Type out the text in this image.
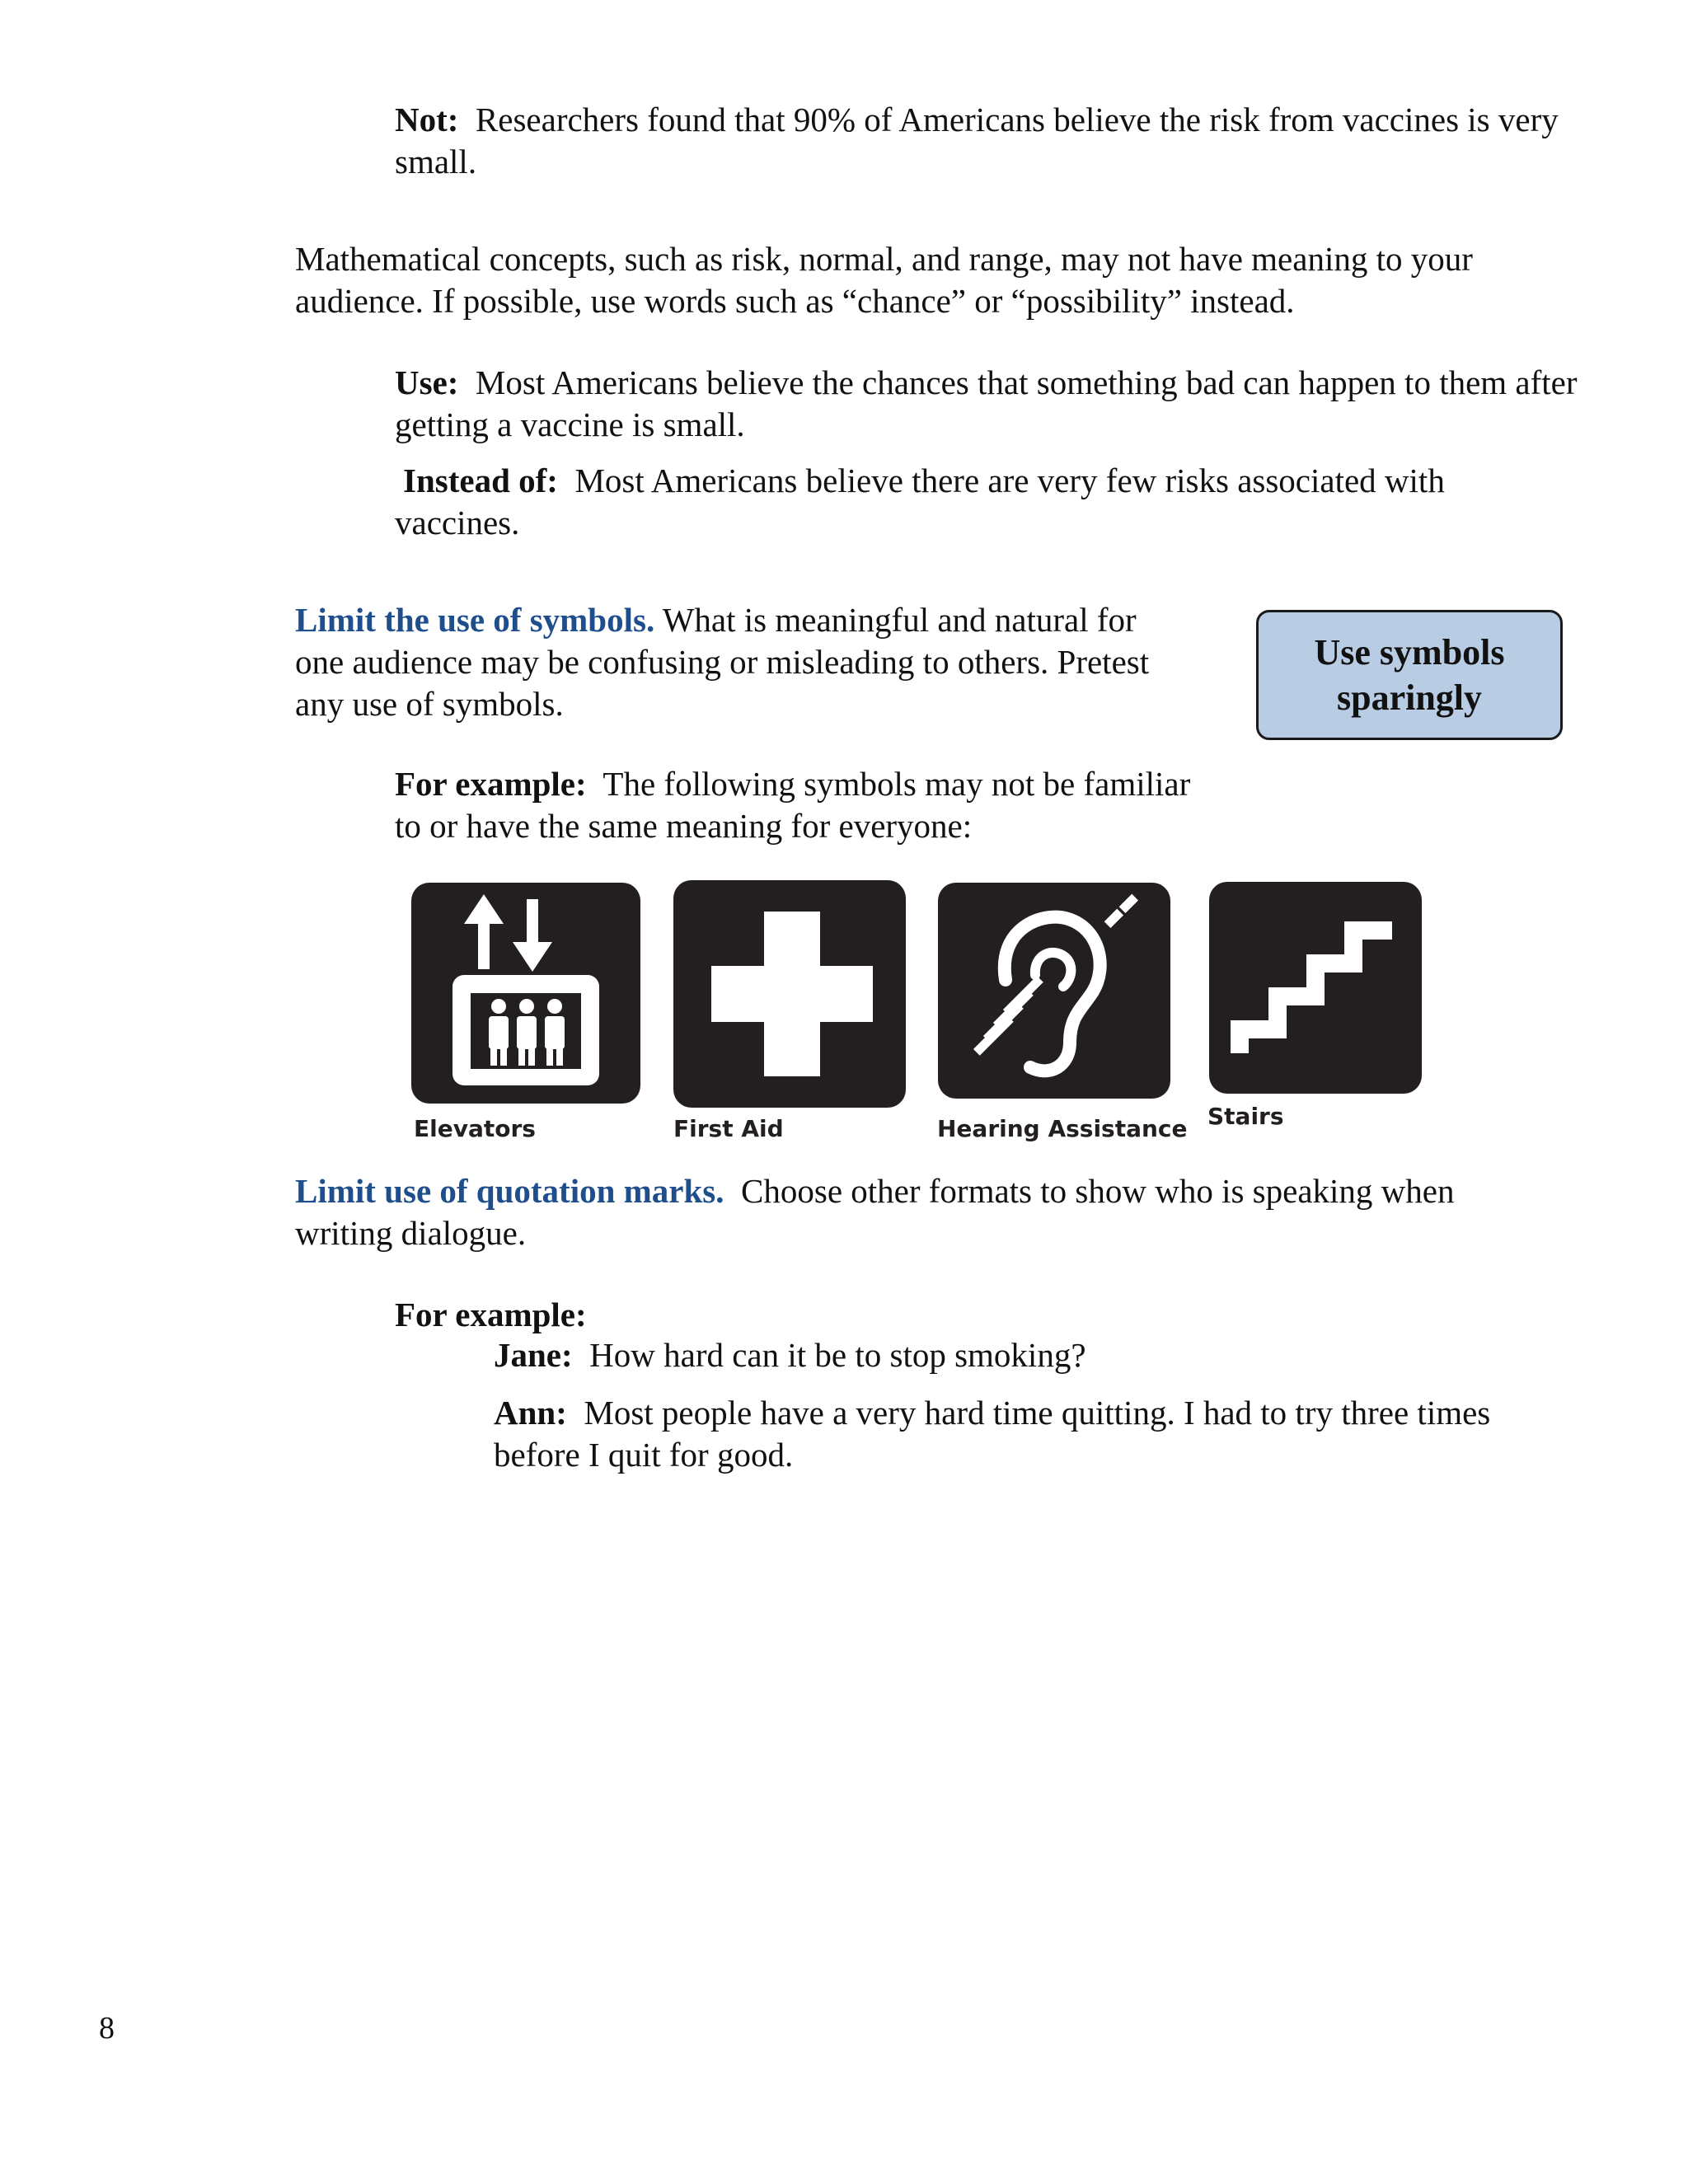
Not: Researchers found that 90% of Americans believe the risk from vaccines is very small.

Mathematical concepts, such as risk, normal, and range, may not have meaning to your
audience. If possible, use words such as “chance” or “possibility” instead.

Use: Most Americans believe the chances that something bad can happen to them after getting a vaccine is small.

Instead of: Most Americans believe there are very few risks associated with vaccines.

Limit the use of symbols. What is meaningful and natural for
one audience may be confusing or misleading to others. Pretest
any use of symbols.

Use symbols sparingly

For example: The following symbols may not be familiar
to or have the same meaning for everyone:

Elevators	First Aid	Hearing Assistance Stairs

Limit use of quotation marks. Choose other formats to show who is speaking when
writing dialogue.

For example:

Jane: How hard can it be to stop smoking?

Ann: Most people have a very hard time quitting. I had to try three times before I quit for good.

8
